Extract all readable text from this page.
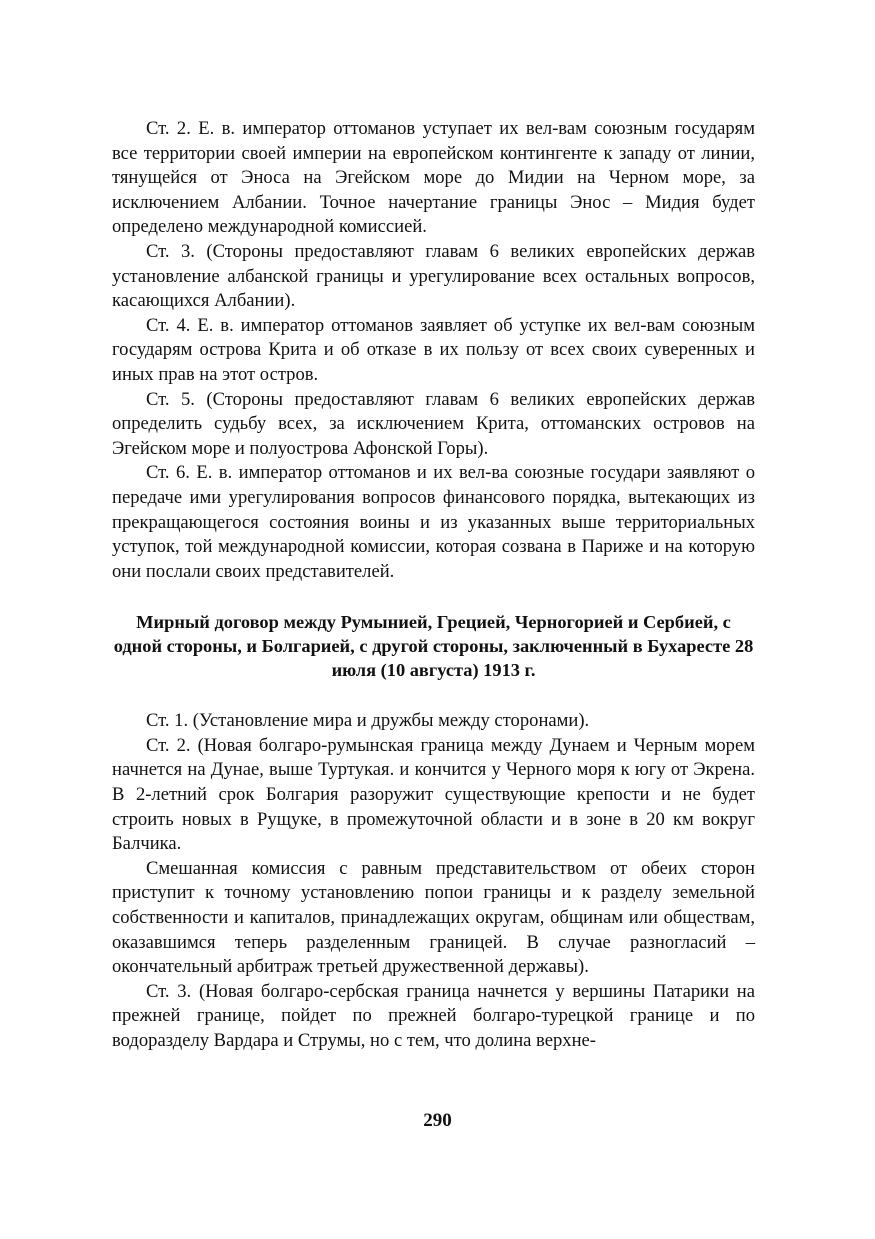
Ст. 2. Е. в. император оттоманов уступает их вел-вам союзным государям все территории своей империи на европейском контингенте к западу от линии, тянущейся от Эноса на Эгейском море до Мидии на Черном море, за исключением Албании. Точное начертание границы Энос – Мидия будет определено международной комиссией.

Ст. 3. (Стороны предоставляют главам 6 великих европейских держав установление албанской границы и урегулирование всех остальных вопросов, касающихся Албании).

Ст. 4. Е. в. император оттоманов заявляет об уступке их вел-вам союзным государям острова Крита и об отказе в их пользу от всех своих суверенных и иных прав на этот остров.

Ст. 5. (Стороны предоставляют главам 6 великих европейских держав определить судьбу всех, за исключением Крита, оттоманских островов на Эгейском море и полуострова Афонской Горы).

Ст. 6. Е. в. император оттоманов и их вел-ва союзные государи заявляют о передаче ими урегулирования вопросов финансового порядка, вытекающих из прекращающегося состояния воины и из указанных выше территориальных уступок, той международной комиссии, которая созвана в Париже и на которую они послали своих представителей.

Мирный договор между Румынией, Грецией, Черногорией и Сербией, с одной стороны, и Болгарией, с другой стороны, заключенный в Бухаресте 28 июля (10 августа) 1913 г.

Ст. 1. (Установление мира и дружбы между сторонами).

Ст. 2. (Новая болгаро-румынская граница между Дунаем и Черным морем начнется на Дунае, выше Туртукая. и кончится у Черного моря к югу от Экрена. В 2-летний срок Болгария разоружит существующие крепости и не будет строить новых в Рущуке, в промежуточной области и в зоне в 20 км вокруг Балчика.

Смешанная комиссия с равным представительством от обеих сторон приступит к точному установлению попои границы и к разделу земельной собственности и капиталов, принадлежащих округам, общинам или обществам, оказавшимся теперь разделенным границей. В случае разногласий – окончательный арбитраж третьей дружественной державы).

Ст. 3. (Новая болгаро-сербская граница начнется у вершины Патарики на прежней границе, пойдет по прежней болгаро-турецкой границе и по водоразделу Вардара и Струмы, но с тем, что долина верхне-

290
